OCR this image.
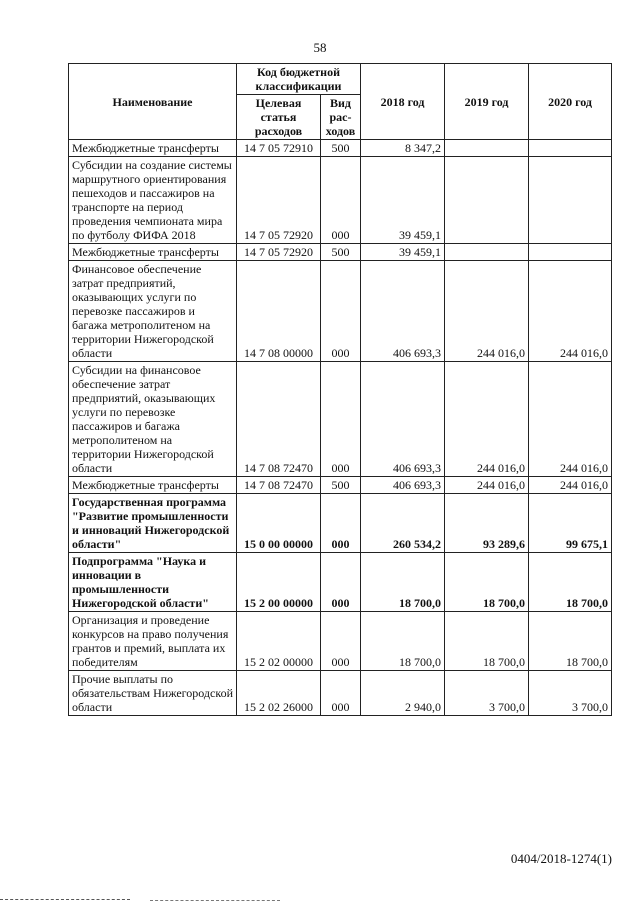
58
Наименование	Код бюджетной классификации		2018 год	2019 год	2020 год
	Целевая статья расходов	Вид рас-ходов			
Межбюджетные трансферты	14 7 05 72910	500	8 347,2		
Субсидии на создание системы маршрутного ориентирования пешеходов и пассажиров на транспорте на период проведения чемпионата мира по футболу ФИФА 2018	14 7 05 72920	000	39 459,1		
Межбюджетные трансферты	14 7 05 72920	500	39 459,1		
Финансовое обеспечение затрат предприятий, оказывающих услуги по перевозке пассажиров и багажа метрополитеном на территории Нижегородской области	14 7 08 00000	000	406 693,3	244 016,0	244 016,0
Субсидии на финансовое обеспечение затрат предприятий, оказывающих услуги по перевозке пассажиров и багажа метрополитеном на территории Нижегородской области	14 7 08 72470	000	406 693,3	244 016,0	244 016,0
Межбюджетные трансферты	14 7 08 72470	500	406 693,3	244 016,0	244 016,0
Государственная программа "Развитие промышленности и инноваций Нижегородской области"	15 0 00 00000	000	260 534,2	93 289,6	99 675,1
Подпрограмма "Наука и инновации в промышленности Нижегородской области"	15 2 00 00000	000	18 700,0	18 700,0	18 700,0
Организация и проведение конкурсов на право получения грантов и премий, выплата их победителям	15 2 02 00000	000	18 700,0	18 700,0	18 700,0
Прочие выплаты по обязательствам Нижегородской области	15 2 02 26000	000	2 940,0	3 700,0	3 700,0
0404/2018-1274(1)
